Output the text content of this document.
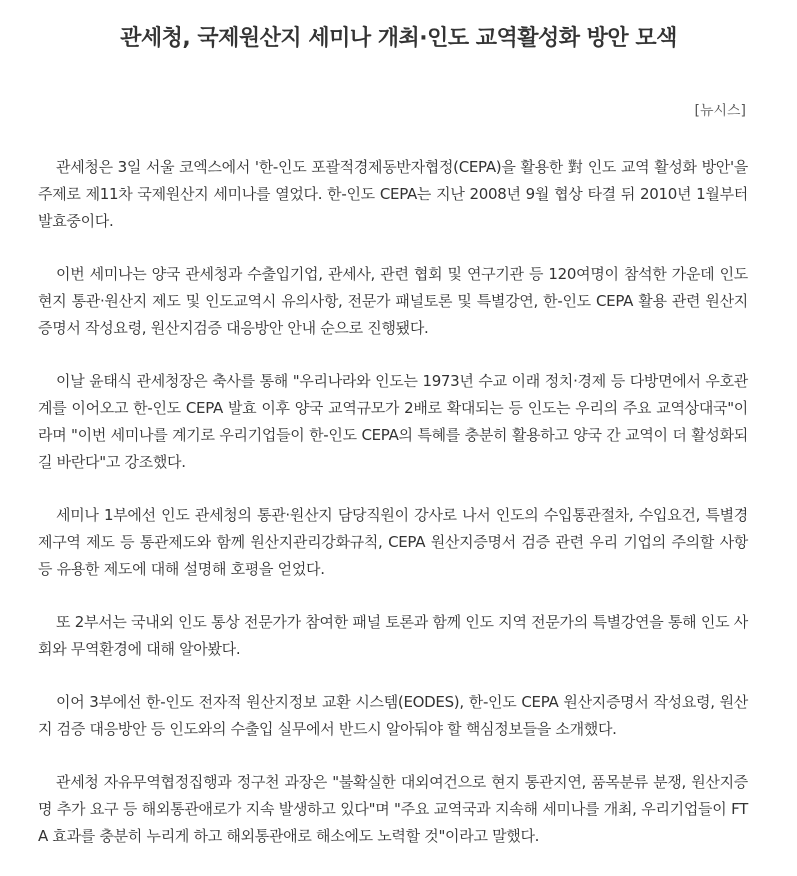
관세청, 국제원산지 세미나 개최·인도 교역활성화 방안 모색
[뉴시스]

관세청은 3일 서울 코엑스에서 '한-인도 포괄적경제동반자협정(CEPA)을 활용한 對 인도 교역 활성화 방안'을 주제로 제11차 국제원산지 세미나를 열었다. 한-인도 CEPA는 지난 2008년 9월 협상 타결 뒤 2010년 1월부터 발효중이다.

이번 세미나는 양국 관세청과 수출입기업, 관세사, 관련 협회 및 연구기관 등 120여명이 참석한 가운데 인도 현지 통관·원산지 제도 및 인도교역시 유의사항, 전문가 패널토론 및 특별강연, 한-인도 CEPA 활용 관련 원산지증명서 작성요령, 원산지검증 대응방안 안내 순으로 진행됐다.

이날 윤태식 관세청장은 축사를 통해 "우리나라와 인도는 1973년 수교 이래 정치·경제 등 다방면에서 우호관계를 이어오고 한-인도 CEPA 발효 이후 양국 교역규모가 2배로 확대되는 등 인도는 우리의 주요 교역상대국"이라며 "이번 세미나를 계기로 우리기업들이 한-인도 CEPA의 특혜를 충분히 활용하고 양국 간 교역이 더 활성화되길 바란다"고 강조했다.

세미나 1부에선 인도 관세청의 통관·원산지 담당직원이 강사로 나서 인도의 수입통관절차, 수입요건, 특별경제구역 제도 등 통관제도와 함께 원산지관리강화규칙, CEPA 원산지증명서 검증 관련 우리 기업의 주의할 사항 등 유용한 제도에 대해 설명해 호평을 얻었다.

또 2부서는 국내외 인도 통상 전문가가 참여한 패널 토론과 함께 인도 지역 전문가의 특별강연을 통해 인도 사회와 무역환경에 대해 알아봤다.

이어 3부에선 한-인도 전자적 원산지정보 교환 시스템(EODES), 한-인도 CEPA 원산지증명서 작성요령, 원산지 검증 대응방안 등 인도와의 수출입 실무에서 반드시 알아둬야 할 핵심정보들을 소개했다.

관세청 자유무역협정집행과 정구천 과장은 "불확실한 대외여건으로 현지 통관지연, 품목분류 분쟁, 원산지증명 추가 요구 등 해외통관애로가 지속 발생하고 있다"며 "주요 교역국과 지속해 세미나를 개최, 우리기업들이 FTA 효과를 충분히 누리게 하고 해외통관애로 해소에도 노력할 것"이라고 말했다.
